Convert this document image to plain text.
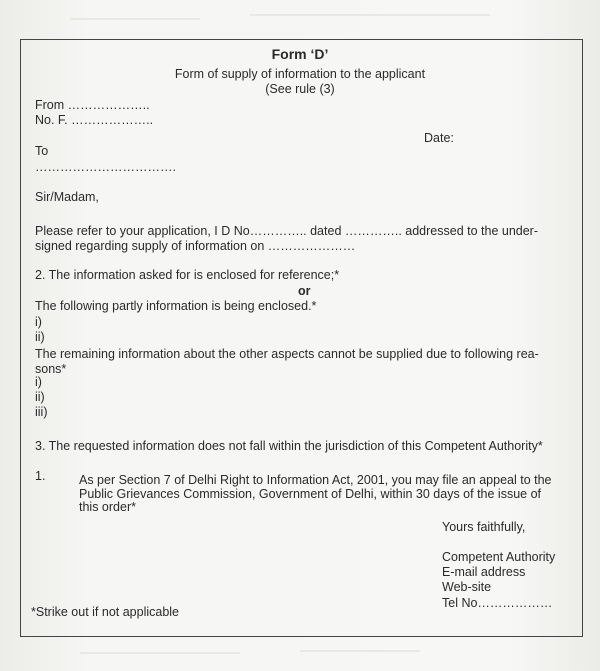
Form ‘D’
Form of supply of information to the applicant
(See rule (3)
From ………………..
No. F. ………………..
Date:
To
…………………………….
Sir/Madam,
Please refer to your application, I D No………….. dated ………….. addressed to the under-
signed regarding supply of information on …………………
2. The information asked for is enclosed for reference;*
or
The following partly information is being enclosed.*
i)
ii)
The remaining information about the other aspects cannot be supplied due to following rea-
sons*
i)
ii)
iii)
3. The requested information does not fall within the jurisdiction of this Competent Authority*
1.	As per Section 7 of Delhi Right to Information Act, 2001, you may file an appeal to the
Public Grievances Commission, Government of Delhi, within 30 days of the issue of
this order*
Yours faithfully,
Competent Authority
E-mail address
Web-site
Tel No………………
*Strike out if not applicable
